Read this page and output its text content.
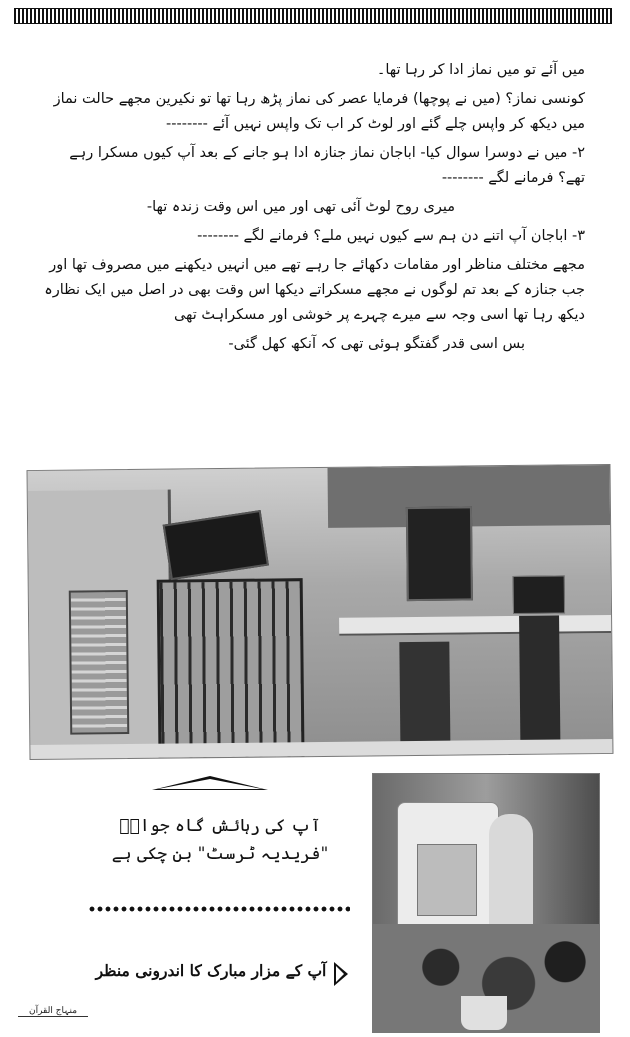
میں آئے تو میں نماز ادا کر رہا تھا۔

کونسی نماز؟ (میں نے پوچھا) فرمایا عصر کی نماز پڑھ رہا تھا تو نکیرین مجھے حالت نماز میں دیکھ کر واپس چلے گئے اور لوٹ کر اب تک واپس نہیں آئے --------

۲- میں نے دوسرا سوال کیا- اباجان نماز جنازہ ادا ہو جانے کے بعد آپ کیوں مسکرا رہے تھے؟ فرمانے لگے --------

میری روح لوٹ آئی تھی اور میں اس وقت زندہ تھا-

۳- اباجان آپ اتنے دن ہم سے کیوں نہیں ملے؟ فرمانے لگے --------

مجھے مختلف مناظر اور مقامات دکھائے جا رہے تھے میں انہیں دیکھنے میں مصروف تھا اور جب جنازہ کے بعد تم لوگوں نے مجھے مسکراتے دیکھا اس وقت بھی در اصل میں ایک نظارہ دیکھ رہا تھا اسی وجہ سے میرے چہرے پر خوشی اور مسکراہٹ تھی

بس اسی قدر گفتگو ہوئی تھی کہ آنکھ کھل گئی-

آپ کی رہائش گاہ جوابؒ "فریدیہ ٹرسٹ" بن چکی ہے
آپ کے مزار مبارک کا اندرونی منظر
منہاج القرآن
